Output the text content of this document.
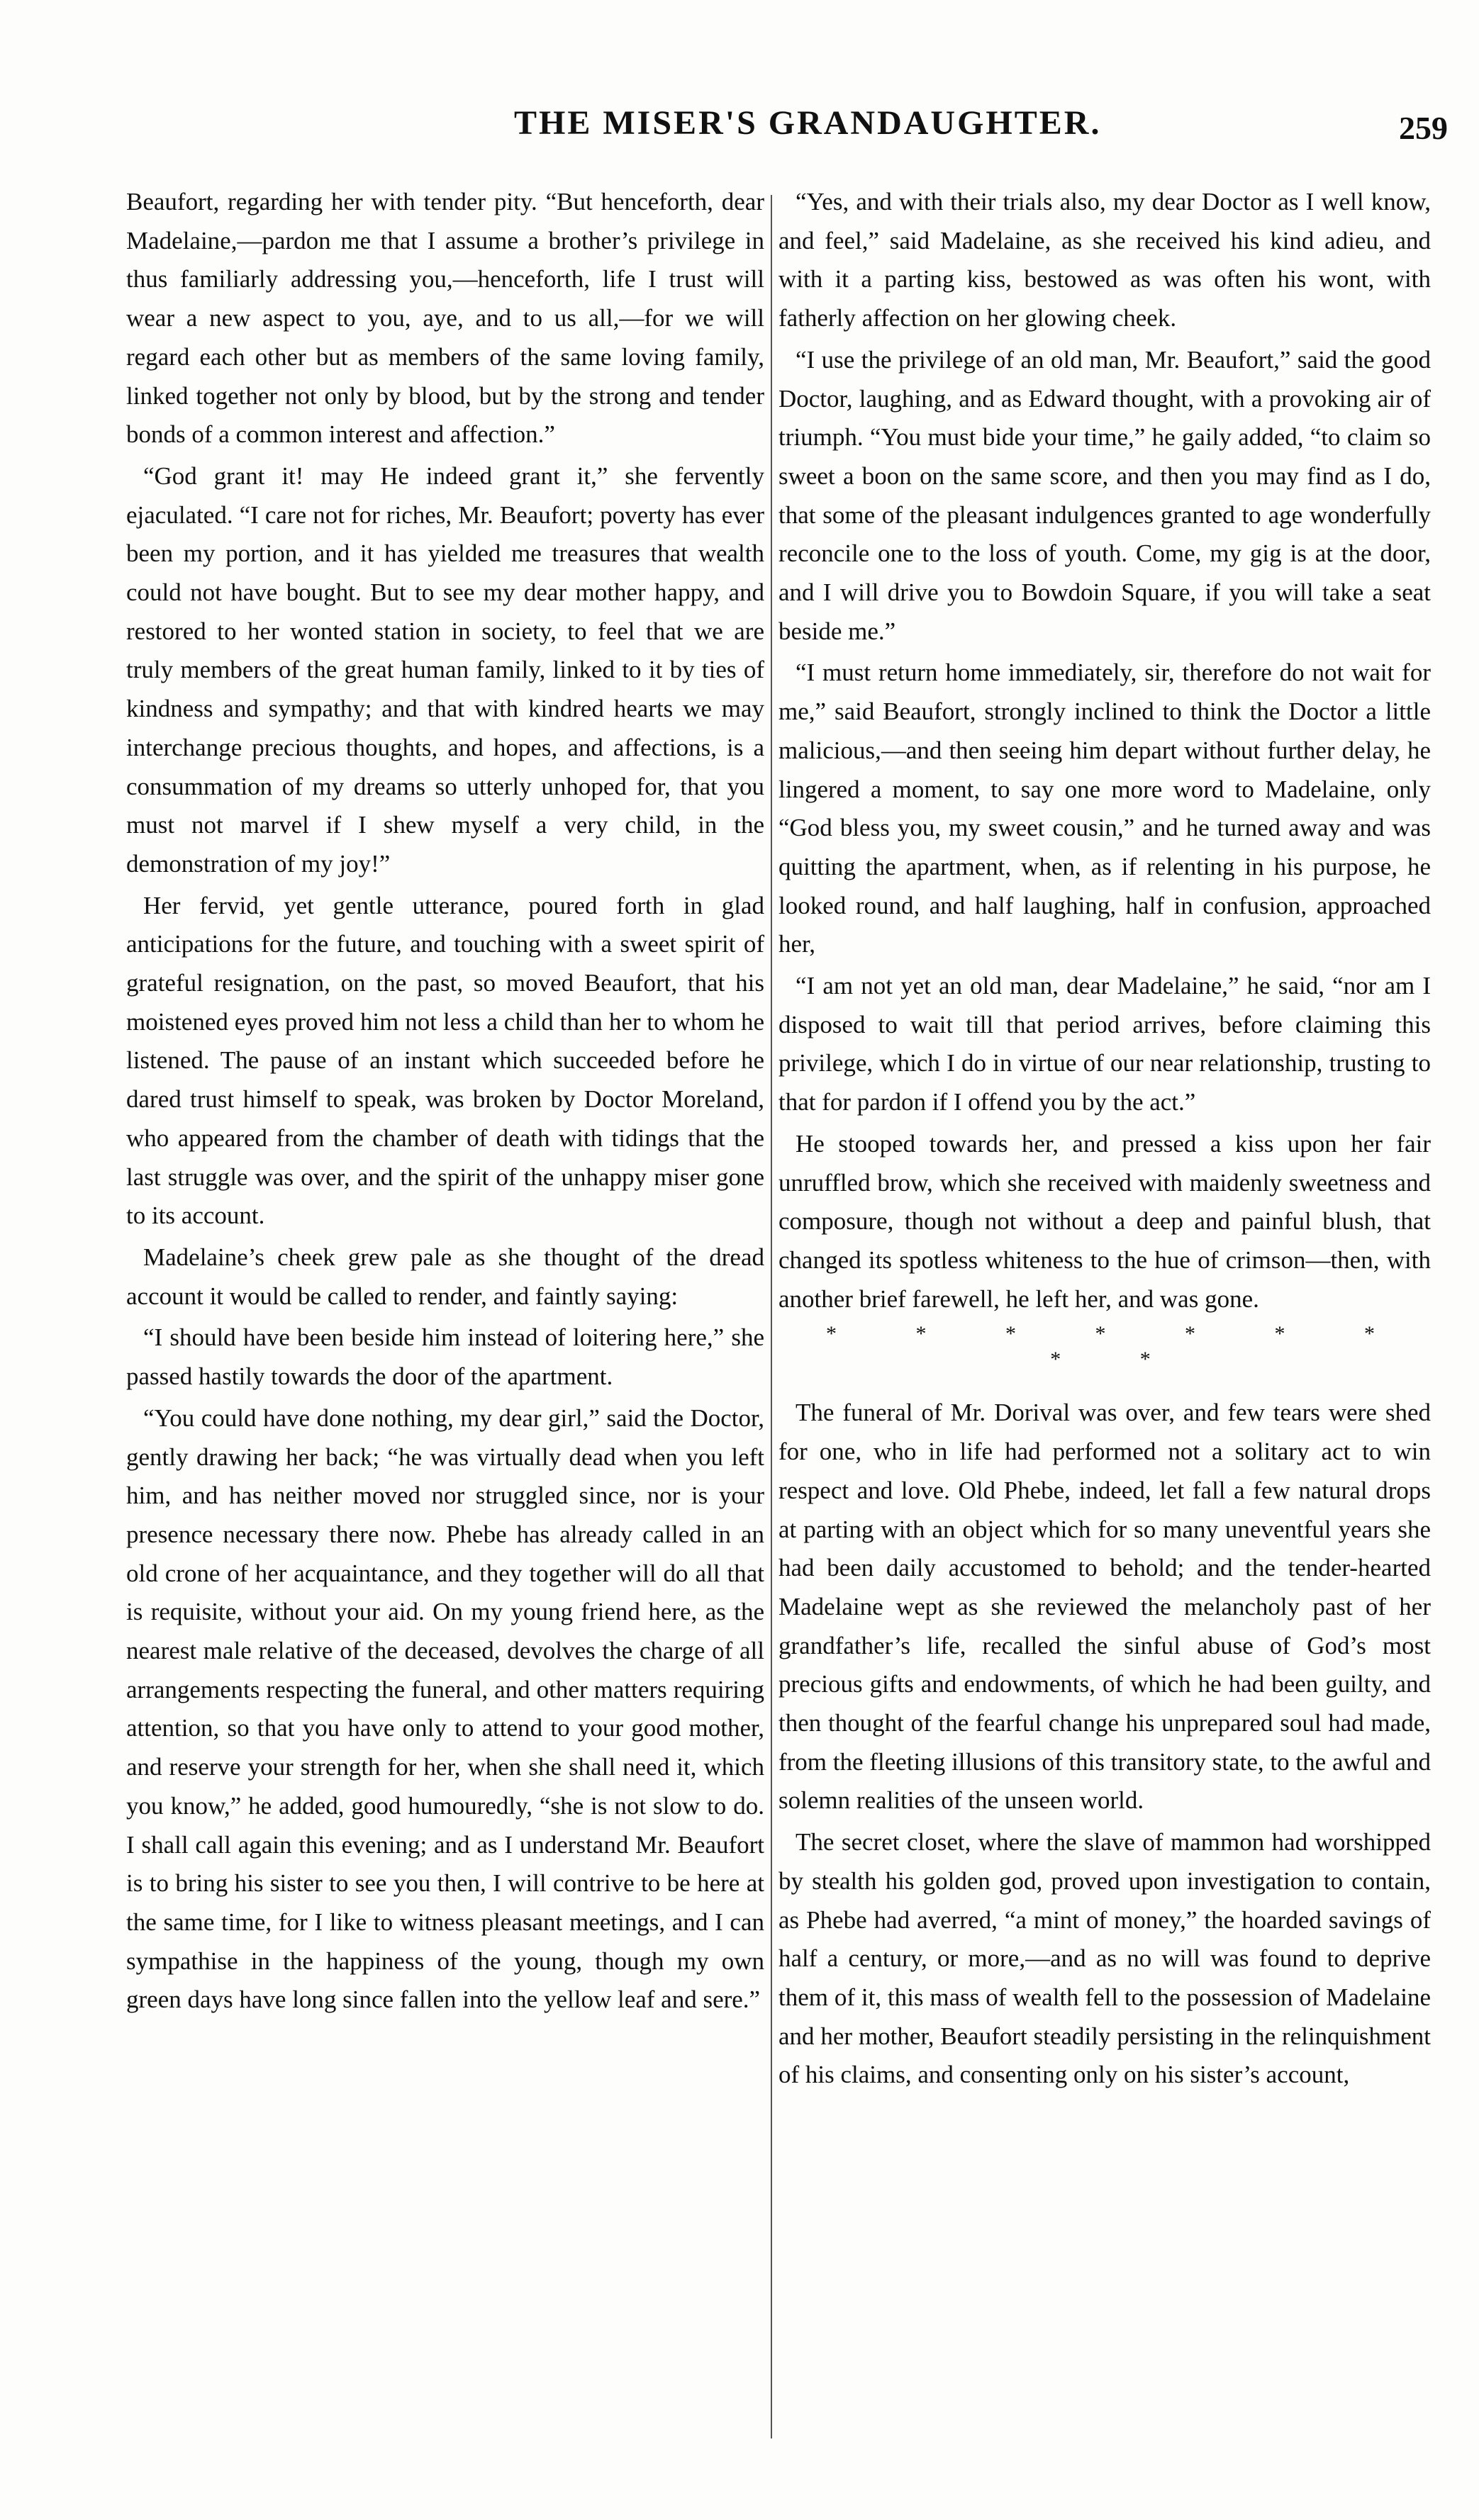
THE MISER'S GRANDAUGHTER.	259

Beaufort, regarding her with tender pity. “But henceforth, dear Madelaine,—pardon me that I assume a brother’s privilege in thus familiarly addressing you,—henceforth, life I trust will wear a new aspect to you, aye, and to us all,—for we will regard each other but as members of the same loving family, linked together not only by blood, but by the strong and tender bonds of a common interest and affection.”

“God grant it! may He indeed grant it,” she fervently ejaculated. “I care not for riches, Mr. Beaufort; poverty has ever been my portion, and it has yielded me treasures that wealth could not have bought. But to see my dear mother happy, and restored to her wonted station in society, to feel that we are truly members of the great human family, linked to it by ties of kindness and sympathy; and that with kindred hearts we may interchange precious thoughts, and hopes, and affections, is a consummation of my dreams so utterly unhoped for, that you must not marvel if I shew myself a very child, in the demonstration of my joy!”

Her fervid, yet gentle utterance, poured forth in glad anticipations for the future, and touching with a sweet spirit of grateful resignation, on the past, so moved Beaufort, that his moistened eyes proved him not less a child than her to whom he listened. The pause of an instant which succeeded before he dared trust himself to speak, was broken by Doctor Moreland, who appeared from the chamber of death with tidings that the last struggle was over, and the spirit of the unhappy miser gone to its account.

Madelaine’s cheek grew pale as she thought of the dread account it would be called to render, and faintly saying:

“I should have been beside him instead of loitering here,” she passed hastily towards the door of the apartment.

“You could have done nothing, my dear girl,” said the Doctor, gently drawing her back; “he was virtually dead when you left him, and has neither moved nor struggled since, nor is your presence necessary there now. Phebe has already called in an old crone of her acquaintance, and they together will do all that is requisite, without your aid. On my young friend here, as the nearest male relative of the deceased, devolves the charge of all arrangements respecting the funeral, and other matters requiring attention, so that you have only to attend to your good mother, and reserve your strength for her, when she shall need it, which you know,” he added, good humouredly, “she is not slow to do. I shall call again this evening; and as I understand Mr. Beaufort is to bring his sister to see you then, I will contrive to be here at the same time, for I like to witness pleasant meetings, and I can sympathise in the happiness of the young, though my own green days have long since fallen into the yellow leaf and sere.”

“Yes, and with their trials also, my dear Doctor as I well know, and feel,” said Madelaine, as she received his kind adieu, and with it a parting kiss, bestowed as was often his wont, with fatherly affection on her glowing cheek.

“I use the privilege of an old man, Mr. Beaufort,” said the good Doctor, laughing, and as Edward thought, with a provoking air of triumph. “You must bide your time,” he gaily added, “to claim so sweet a boon on the same score, and then you may find as I do, that some of the pleasant indulgences granted to age wonderfully reconcile one to the loss of youth. Come, my gig is at the door, and I will drive you to Bowdoin Square, if you will take a seat beside me.”

“I must return home immediately, sir, therefore do not wait for me,” said Beaufort, strongly inclined to think the Doctor a little malicious,—and then seeing him depart without further delay, he lingered a moment, to say one more word to Madelaine, only “God bless you, my sweet cousin,” and he turned away and was quitting the apartment, when, as if relenting in his purpose, he looked round, and half laughing, half in confusion, approached her,

“I am not yet an old man, dear Madelaine,” he said, “nor am I disposed to wait till that period arrives, before claiming this privilege, which I do in virtue of our near relationship, trusting to that for pardon if I offend you by the act.”

He stooped towards her, and pressed a kiss upon her fair unruffled brow, which she received with maidenly sweetness and composure, though not without a deep and painful blush, that changed its spotless whiteness to the hue of crimson—then, with another brief farewell, he left her, and was gone.

* * * * * * * * *

The funeral of Mr. Dorival was over, and few tears were shed for one, who in life had performed not a solitary act to win respect and love. Old Phebe, indeed, let fall a few natural drops at parting with an object which for so many uneventful years she had been daily accustomed to behold; and the tender-hearted Madelaine wept as she reviewed the melancholy past of her grandfather’s life, recalled the sinful abuse of God’s most precious gifts and endowments, of which he had been guilty, and then thought of the fearful change his unprepared soul had made, from the fleeting illusions of this transitory state, to the awful and solemn realities of the unseen world.

The secret closet, where the slave of mammon had worshipped by stealth his golden god, proved upon investigation to contain, as Phebe had averred, “a mint of money,” the hoarded savings of half a century, or more,—and as no will was found to deprive them of it, this mass of wealth fell to the possession of Madelaine and her mother, Beaufort steadily persisting in the relinquishment of his claims, and consenting only on his sister’s account,
